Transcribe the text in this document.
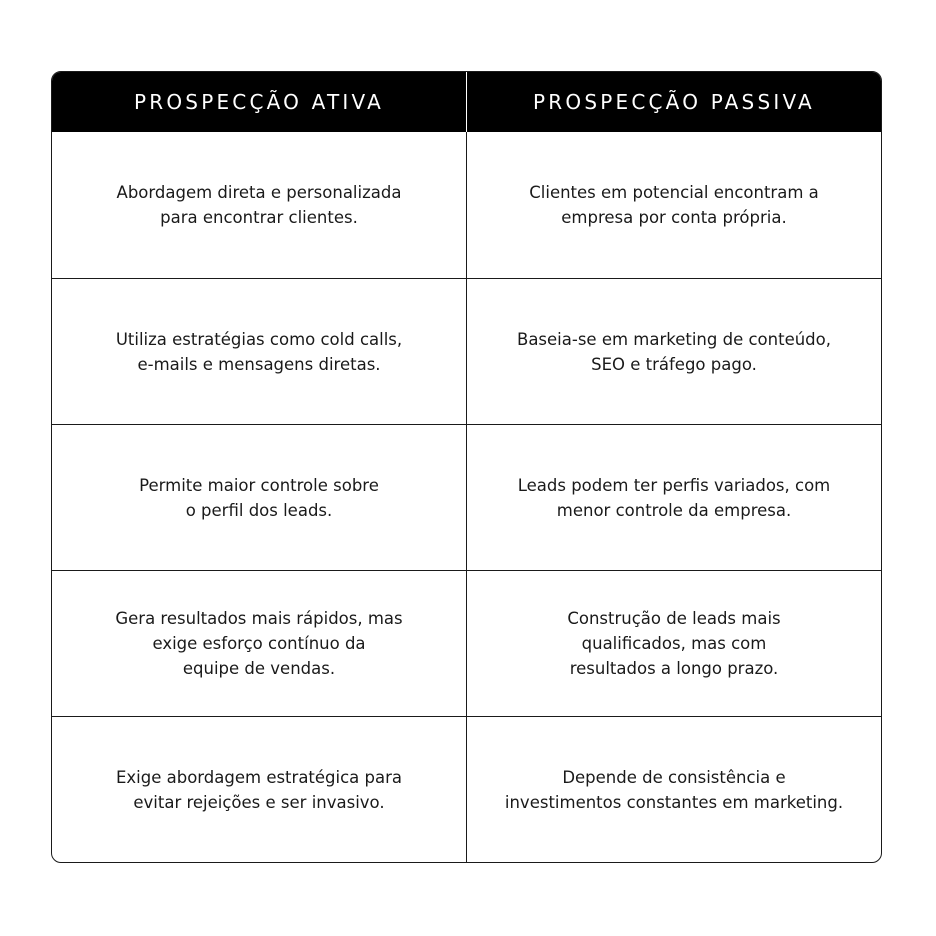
PROSPECÇÃO ATIVA	PROSPECÇÃO PASSIVA
Abordagem direta e personalizada
para encontrar clientes.
Clientes em potencial encontram a
empresa por conta própria.
Utiliza estratégias como cold calls,
e-mails e mensagens diretas.
Baseia-se em marketing de conteúdo,
SEO e tráfego pago.
Permite maior controle sobre
o perfil dos leads.
Leads podem ter perfis variados, com
menor controle da empresa.
Gera resultados mais rápidos, mas
exige esforço contínuo da
equipe de vendas.
Construção de leads mais
qualificados, mas com
resultados a longo prazo.
Exige abordagem estratégica para
evitar rejeições e ser invasivo.
Depende de consistência e
investimentos constantes em marketing.
